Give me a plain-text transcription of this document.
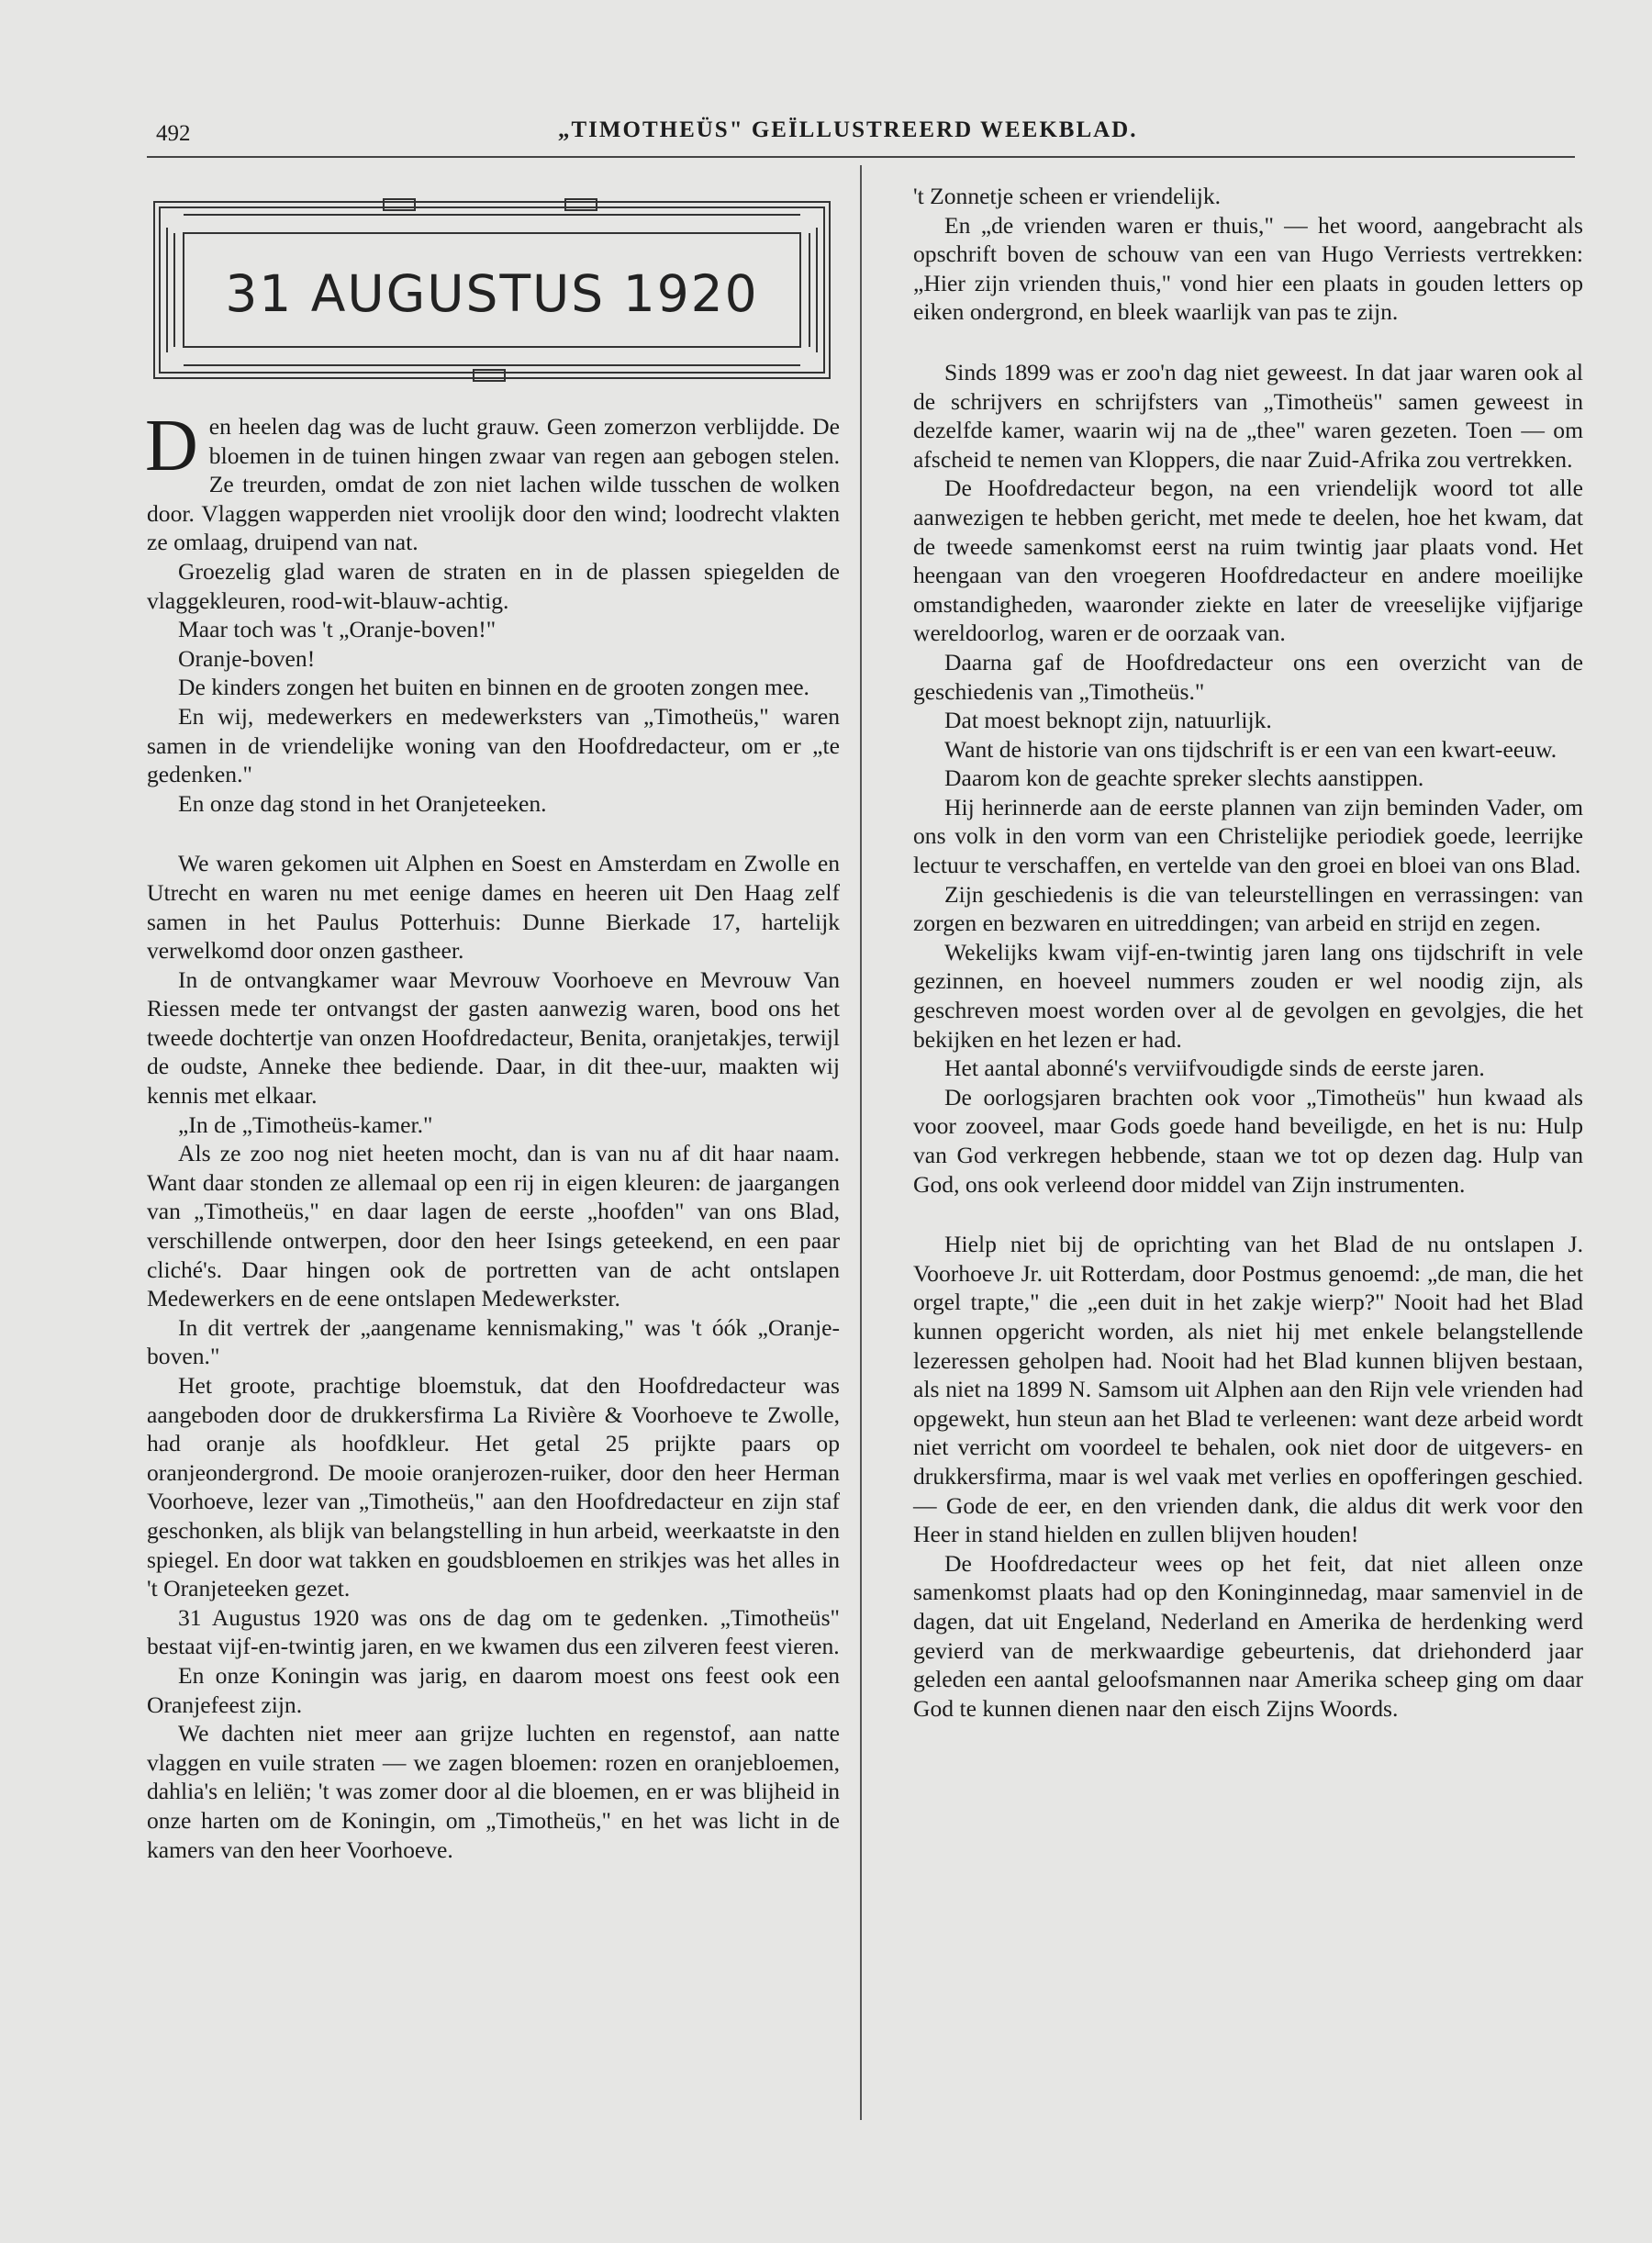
492	„TIMOTHEÜS" GEÏLLUSTREERD WEEKBLAD.
31 AUGUSTUS 1920

Den heelen dag was de lucht grauw. Geen zomerzon verblijdde. De bloemen in de tuinen hingen zwaar van regen aan gebogen stelen. Ze treurden, omdat de zon niet lachen wilde tusschen de wolken door. Vlaggen wapperden niet vroolijk door den wind; loodrecht vlakten ze omlaag, druipend van nat.

Groezelig glad waren de straten en in de plassen spiegelden de vlaggekleuren, rood-wit-blauw-achtig.

Maar toch was 't „Oranje-boven!"

Oranje-boven!

De kinders zongen het buiten en binnen en de grooten zongen mee.

En wij, medewerkers en medewerksters van „Timotheüs," waren samen in de vriendelijke woning van den Hoofdredacteur, om er „te gedenken."

En onze dag stond in het Oranjeteeken.

We waren gekomen uit Alphen en Soest en Amsterdam en Zwolle en Utrecht en waren nu met eenige dames en heeren uit Den Haag zelf samen in het Paulus Potterhuis: Dunne Bierkade 17, hartelijk verwelkomd door onzen gastheer.

In de ontvangkamer waar Mevrouw Voorhoeve en Mevrouw Van Riessen mede ter ontvangst der gasten aanwezig waren, bood ons het tweede dochtertje van onzen Hoofdredacteur, Benita, oranjetakjes, terwijl de oudste, Anneke thee bediende. Daar, in dit thee-uur, maakten wij kennis met elkaar.

„In de „Timotheüs-kamer."

Als ze zoo nog niet heeten mocht, dan is van nu af dit haar naam. Want daar stonden ze allemaal op een rij in eigen kleuren: de jaargangen van „Timotheüs," en daar lagen de eerste „hoofden" van ons Blad, verschillende ontwerpen, door den heer Isings geteekend, en een paar cliché's. Daar hingen ook de portretten van de acht ontslapen Medewerkers en de eene ontslapen Medewerkster.

In dit vertrek der „aangename kennismaking," was 't óók „Oranje-boven."

Het groote, prachtige bloemstuk, dat den Hoofdredacteur was aangeboden door de drukkersfirma La Rivière & Voorhoeve te Zwolle, had oranje als hoofdkleur. Het getal 25 prijkte paars op oranjeondergrond. De mooie oranjerozen-ruiker, door den heer Herman Voorhoeve, lezer van „Timotheüs," aan den Hoofdredacteur en zijn staf geschonken, als blijk van belangstelling in hun arbeid, weerkaatste in den spiegel. En door wat takken en goudsbloemen en strikjes was het alles in 't Oranjeteeken gezet.

31 Augustus 1920 was ons de dag om te gedenken. „Timotheüs" bestaat vijf-en-twintig jaren, en we kwamen dus een zilveren feest vieren.

En onze Koningin was jarig, en daarom moest ons feest ook een Oranjefeest zijn.

We dachten niet meer aan grijze luchten en regenstof, aan natte vlaggen en vuile straten — we zagen bloemen: rozen en oranjebloemen, dahlia's en leliën; 't was zomer door al die bloemen, en er was blijheid in onze harten om de Koningin, om „Timotheüs," en het was licht in de kamers van den heer Voorhoeve.

't Zonnetje scheen er vriendelijk.

En „de vrienden waren er thuis," — het woord, aangebracht als opschrift boven de schouw van een van Hugo Verriests vertrekken: „Hier zijn vrienden thuis," vond hier een plaats in gouden letters op eiken ondergrond, en bleek waarlijk van pas te zijn.

Sinds 1899 was er zoo'n dag niet geweest. In dat jaar waren ook al de schrijvers en schrijfsters van „Timotheüs" samen geweest in dezelfde kamer, waarin wij na de „thee" waren gezeten. Toen — om afscheid te nemen van Kloppers, die naar Zuid-Afrika zou vertrekken.

De Hoofdredacteur begon, na een vriendelijk woord tot alle aanwezigen te hebben gericht, met mede te deelen, hoe het kwam, dat de tweede samenkomst eerst na ruim twintig jaar plaats vond. Het heengaan van den vroegeren Hoofdredacteur en andere moeilijke omstandigheden, waaronder ziekte en later de vreeselijke vijfjarige wereldoorlog, waren er de oorzaak van.

Daarna gaf de Hoofdredacteur ons een overzicht van de geschiedenis van „Timotheüs."

Dat moest beknopt zijn, natuurlijk.

Want de historie van ons tijdschrift is er een van een kwart-eeuw.

Daarom kon de geachte spreker slechts aanstippen.

Hij herinnerde aan de eerste plannen van zijn beminden Vader, om ons volk in den vorm van een Christelijke periodiek goede, leerrijke lectuur te verschaffen, en vertelde van den groei en bloei van ons Blad.

Zijn geschiedenis is die van teleurstellingen en verrassingen: van zorgen en bezwaren en uitreddingen; van arbeid en strijd en zegen.

Wekelijks kwam vijf-en-twintig jaren lang ons tijdschrift in vele gezinnen, en hoeveel nummers zouden er wel noodig zijn, als geschreven moest worden over al de gevolgen en gevolgjes, die het bekijken en het lezen er had.

Het aantal abonné's verviifvoudigde sinds de eerste jaren.

De oorlogsjaren brachten ook voor „Timotheüs" hun kwaad als voor zooveel, maar Gods goede hand beveiligde, en het is nu: Hulp van God verkregen hebbende, staan we tot op dezen dag. Hulp van God, ons ook verleend door middel van Zijn instrumenten.

Hielp niet bij de oprichting van het Blad de nu ontslapen J. Voorhoeve Jr. uit Rotterdam, door Postmus genoemd: „de man, die het orgel trapte," die „een duit in het zakje wierp?" Nooit had het Blad kunnen opgericht worden, als niet hij met enkele belangstellende lezeressen geholpen had. Nooit had het Blad kunnen blijven bestaan, als niet na 1899 N. Samsom uit Alphen aan den Rijn vele vrienden had opgewekt, hun steun aan het Blad te verleenen: want deze arbeid wordt niet verricht om voordeel te behalen, ook niet door de uitgevers- en drukkersfirma, maar is wel vaak met verlies en opofferingen geschied. — Gode de eer, en den vrienden dank, die aldus dit werk voor den Heer in stand hielden en zullen blijven houden!

De Hoofdredacteur wees op het feit, dat niet alleen onze samenkomst plaats had op den Koninginnedag, maar samenviel in de dagen, dat uit Engeland, Nederland en Amerika de herdenking werd gevierd van de merkwaardige gebeurtenis, dat driehonderd jaar geleden een aantal geloofsmannen naar Amerika scheep ging om daar God te kunnen dienen naar den eisch Zijns Woords.
